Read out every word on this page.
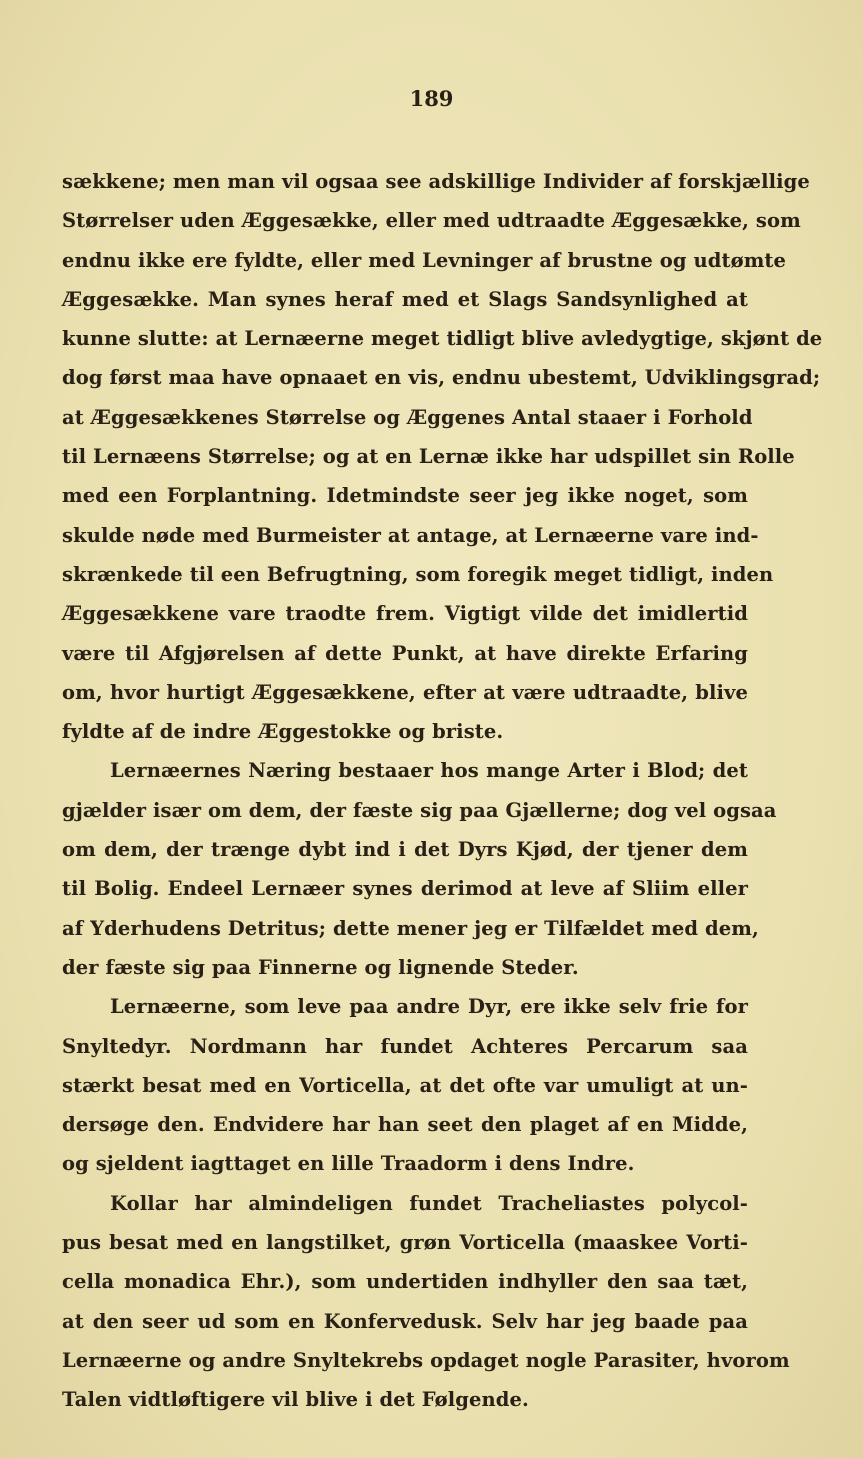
189
sækkene; men man vil ogsaa see adskillige Individer af forskjællige
Størrelser uden Æggesække, eller med udtraadte Æggesække, som
endnu ikke ere fyldte, eller med Levninger af brustne og udtømte
Æggesække. Man synes heraf med et Slags Sandsynlighed at
kunne slutte: at Lernæerne meget tidligt blive avledygtige, skjønt de
dog først maa have opnaaet en vis, endnu ubestemt, Udviklingsgrad;
at Æggesækkenes Størrelse og Æggenes Antal staaer i Forhold
til Lernæens Størrelse; og at en Lernæ ikke har udspillet sin Rolle
med een Forplantning. Idetmindste seer jeg ikke noget, som
skulde nøde med Burmeister at antage, at Lernæerne vare ind-
skrænkede til een Befrugtning, som foregik meget tidligt, inden
Æggesækkene vare traodte frem. Vigtigt vilde det imidlertid
være til Afgjørelsen af dette Punkt, at have direkte Erfaring
om, hvor hurtigt Æggesækkene, efter at være udtraadte, blive
fyldte af de indre Æggestokke og briste.
Lernæernes Næring bestaaer hos mange Arter i Blod; det
gjælder især om dem, der fæste sig paa Gjællerne; dog vel ogsaa
om dem, der trænge dybt ind i det Dyrs Kjød, der tjener dem
til Bolig. Endeel Lernæer synes derimod at leve af Sliim eller
af Yderhudens Detritus; dette mener jeg er Tilfældet med dem,
der fæste sig paa Finnerne og lignende Steder.
Lernæerne, som leve paa andre Dyr, ere ikke selv frie for
Snyltedyr. Nordmann har fundet Achteres Percarum saa
stærkt besat med en Vorticella, at det ofte var umuligt at un-
dersøge den. Endvidere har han seet den plaget af en Midde,
og sjeldent iagttaget en lille Traadorm i dens Indre.
Kollar har almindeligen fundet Tracheliastes polycol-
pus besat med en langstilket, grøn Vorticella (maaskee Vorti-
cella monadica Ehr.), som undertiden indhyller den saa tæt,
at den seer ud som en Konfervedusk. Selv har jeg baade paa
Lernæerne og andre Snyltekrebs opdaget nogle Parasiter, hvorom
Talen vidtløftigere vil blive i det Følgende.
